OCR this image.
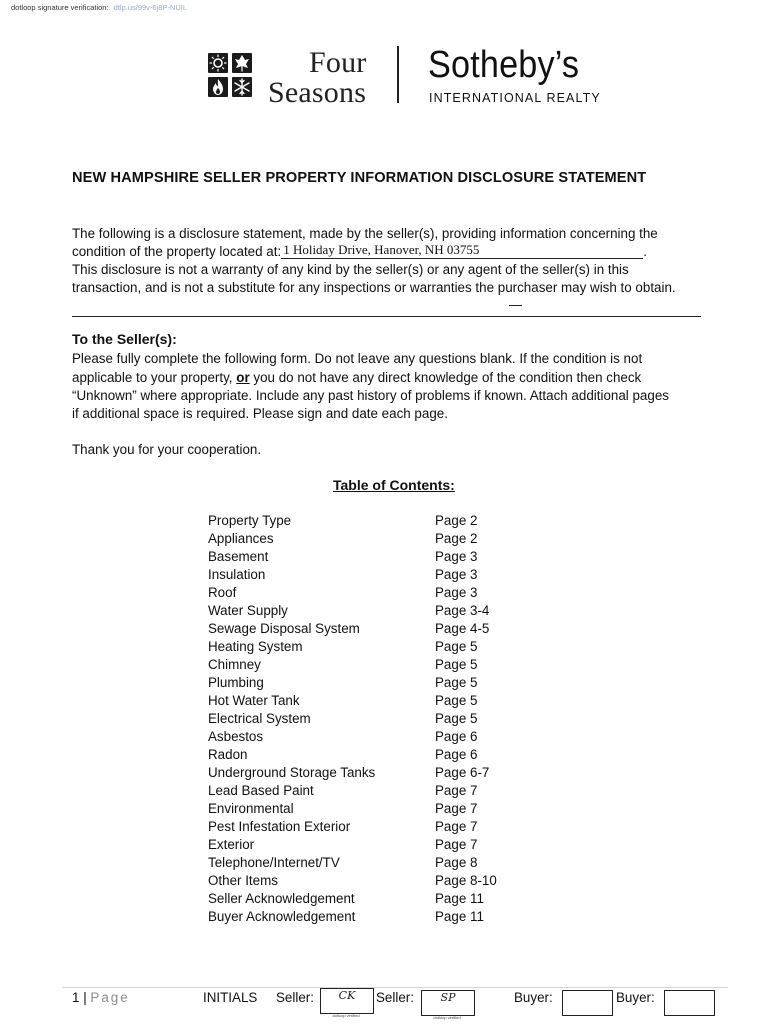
dotloop signature verification: dtlp.us/99v-6j8P-NUIL
Four
Seasons
Sotheby’s
INTERNATIONAL REALTY
NEW HAMPSHIRE SELLER PROPERTY INFORMATION DISCLOSURE STATEMENT
The following is a disclosure statement, made by the seller(s), providing information concerning the
condition of the property located at: 1 Holiday Drive, Hanover, NH 03755	.
This disclosure is not a warranty of any kind by the seller(s) or any agent of the seller(s) in this
transaction, and is not a substitute for any inspections or warranties the purchaser may wish to obtain.
To the Seller(s):
Please fully complete the following form. Do not leave any questions blank. If the condition is not
applicable to your property, or you do not have any direct knowledge of the condition then check
“Unknown” where appropriate. Include any past history of problems if known. Attach additional pages
if additional space is required. Please sign and date each page.
Thank you for your cooperation.
Table of Contents:
Property Type	Page 2
Appliances	Page 2
Basement	Page 3
Insulation	Page 3
Roof	Page 3
Water Supply	Page 3-4
Sewage Disposal System	Page 4-5
Heating System	Page 5
Chimney	Page 5
Plumbing	Page 5
Hot Water Tank	Page 5
Electrical System	Page 5
Asbestos	Page 6
Radon	Page 6
Underground Storage Tanks	Page 6-7
Lead Based Paint	Page 7
Environmental	Page 7
Pest Infestation Exterior	Page 7
Exterior	Page 7
Telephone/Internet/TV	Page 8
Other Items	Page 8-10
Seller Acknowledgement	Page 11
Buyer Acknowledgement	Page 11
1 | Page	INITIALS Seller:	CK
dotloop verified
Seller:	SP
dotloop verified
Buyer:	Buyer:
